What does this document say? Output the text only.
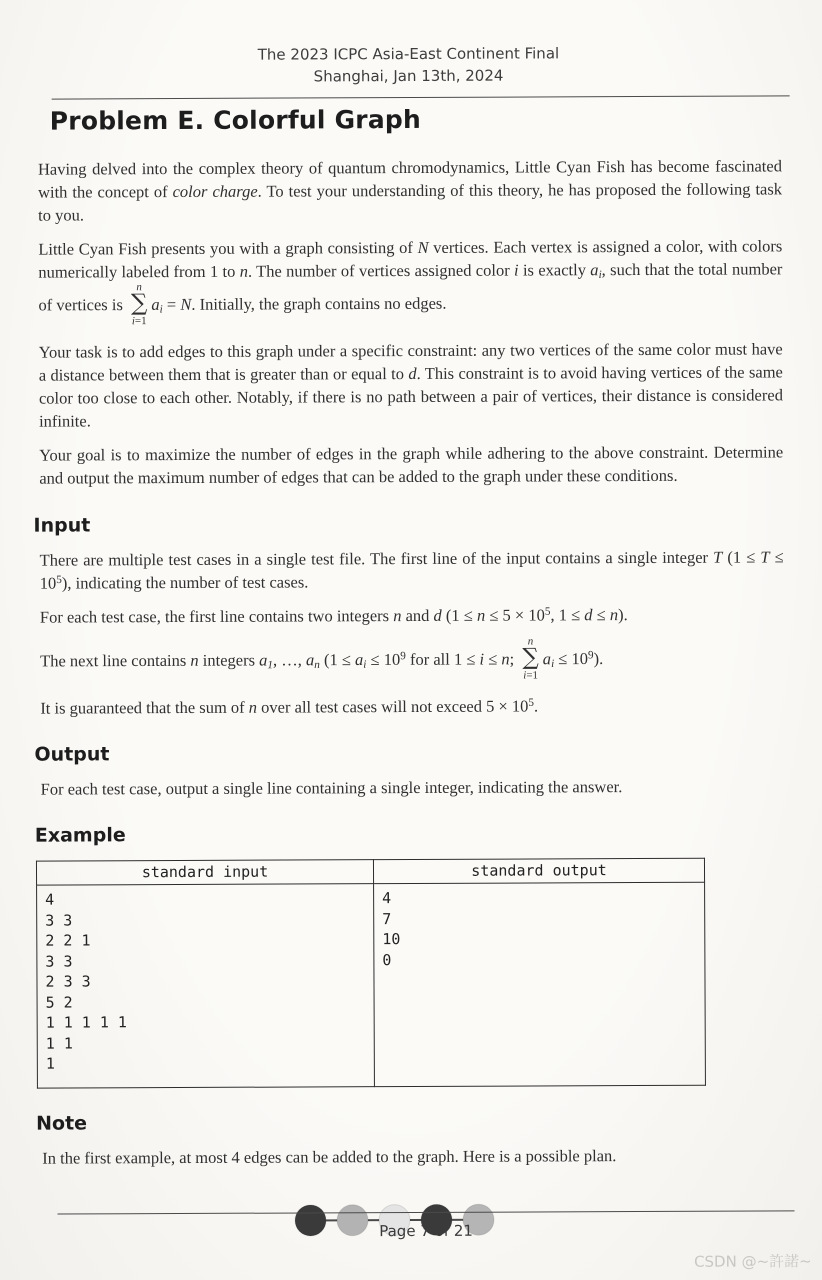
The 2023 ICPC Asia-East Continent Final
Shanghai, Jan 13th, 2024
Problem E. Colorful Graph

Having delved into the complex theory of quantum chromodynamics, Little Cyan Fish has become fascinated with the concept of color charge. To test your understanding of this theory, he has proposed the following task to you.

Little Cyan Fish presents you with a graph consisting of N vertices. Each vertex is assigned a color, with colors numerically labeled from 1 to n. The number of vertices assigned color i is exactly $a_i$, such that the total number of vertices is
n
∑
i=1
$a_i = N$. Initially, the graph contains no edges.

Your task is to add edges to this graph under a specific constraint: any two vertices of the same color must have a distance between them that is greater than or equal to d. This constraint is to avoid having vertices of the same color too close to each other. Notably, if there is no path between a pair of vertices, their distance is considered infinite.

Your goal is to maximize the number of edges in the graph while adhering to the above constraint. Determine and output the maximum number of edges that can be added to the graph under these conditions.

Input

There are multiple test cases in a single test file. The first line of the input contains a single integer T $(1 \le T \le 10^5)$, indicating the number of test cases.

For each test case, the first line contains two integers n and d ($1 \le n \le 5 \times 10^5$, 1 ≤ d ≤ n).

The next line contains n integers $a_1$, …, $a_n$ ($1 \le a_i \le 10^9$ for all 1 ≤ i ≤ n;
n
∑
i=1
$a_i \le 10^9$).

It is guaranteed that the sum of n over all test cases will not exceed $5 \times 10^5$.

Output

For each test case, output a single line containing a single integer, indicating the answer.

Example
standard input	standard output

4
3 3
2 2 1
3 3
2 3 3
5 2
1 1 1 1 1
1 1
1

4
7
10
0
Note

In the first example, at most 4 edges can be added to the graph. Here is a possible plan.

Page 7 of 21

CSDN @~許諾~
